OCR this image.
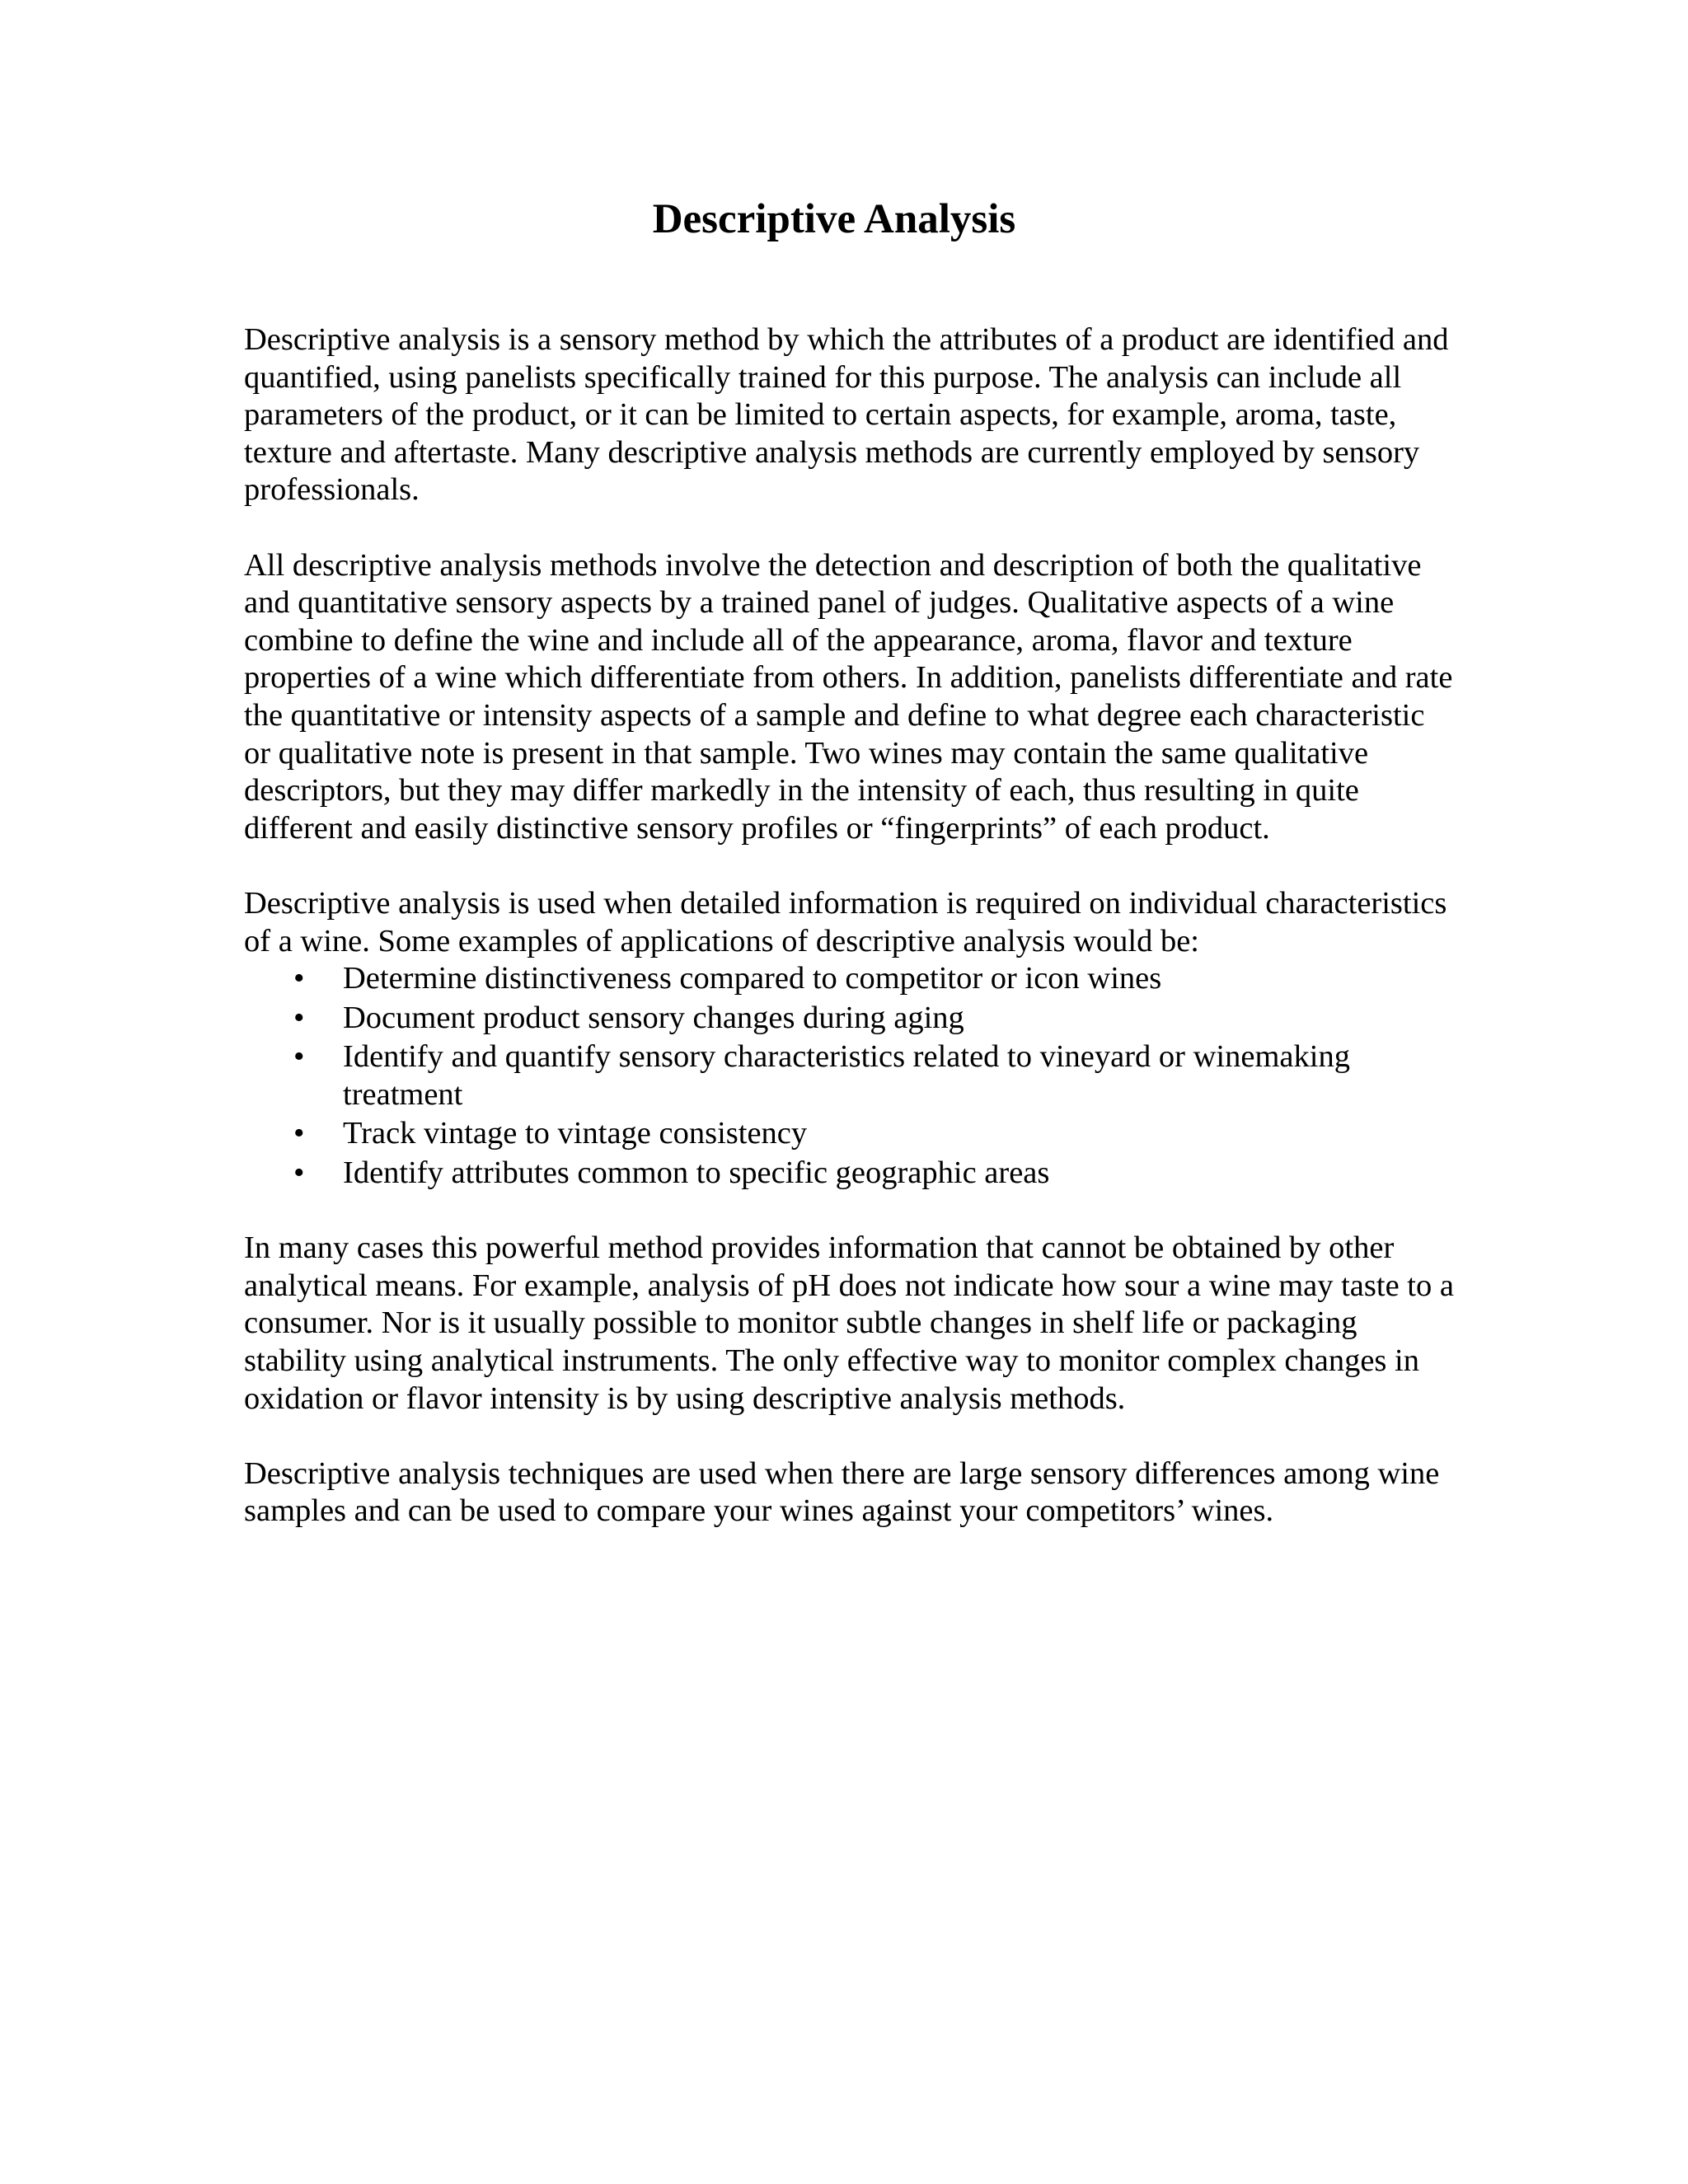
Descriptive Analysis

Descriptive analysis is a sensory method by which the attributes of a product are identified and quantified, using panelists specifically trained for this purpose. The analysis can include all parameters of the product, or it can be limited to certain aspects, for example, aroma, taste, texture and aftertaste. Many descriptive analysis methods are currently employed by sensory professionals.

All descriptive analysis methods involve the detection and description of both the qualitative and quantitative sensory aspects by a trained panel of judges. Qualitative aspects of a wine combine to define the wine and include all of the appearance, aroma, flavor and texture properties of a wine which differentiate from others. In addition, panelists differentiate and rate the quantitative or intensity aspects of a sample and define to what degree each characteristic or qualitative note is present in that sample. Two wines may contain the same qualitative descriptors, but they may differ markedly in the intensity of each, thus resulting in quite different and easily distinctive sensory profiles or “fingerprints” of each product.

Descriptive analysis is used when detailed information is required on individual characteristics of a wine. Some examples of applications of descriptive analysis would be:

• Determine distinctiveness compared to competitor or icon wines
• Document product sensory changes during aging
• Identify and quantify sensory characteristics related to vineyard or winemaking treatment
• Track vintage to vintage consistency
• Identify attributes common to specific geographic areas

In many cases this powerful method provides information that cannot be obtained by other analytical means. For example, analysis of pH does not indicate how sour a wine may taste to a consumer. Nor is it usually possible to monitor subtle changes in shelf life or packaging stability using analytical instruments. The only effective way to monitor complex changes in oxidation or flavor intensity is by using descriptive analysis methods.

Descriptive analysis techniques are used when there are large sensory differences among wine samples and can be used to compare your wines against your competitors’ wines.
